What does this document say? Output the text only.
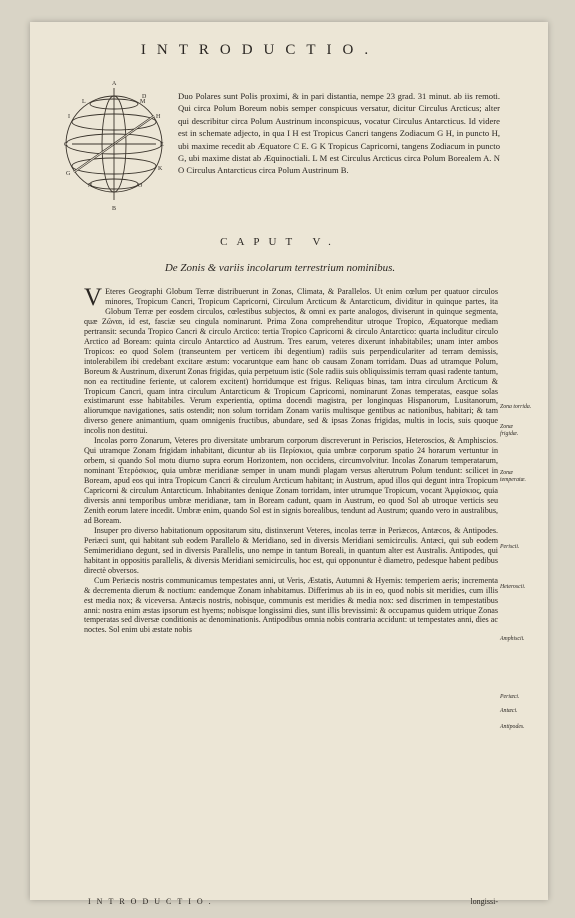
INTRODUCTIO.
I	H
E
A
D
L
C
G
M
N	O
K
B

Duo Polares sunt Polis proximi, & in pari distantia, nempe 23 grad. 31 minut. ab iis remoti. Qui circa Polum Boreum nobis semper conspicuus versatur, dicitur Circulus Arcticus; alter qui describitur circa Polum Austrinum inconspicuus, vocatur Circulus Antarcticus. Id videre est in schemate adjecto, in qua I H est Tropicus Cancri tangens Zodiacum G H, in puncto H, ubi maxime recedit ab Æquatore C E. G K Tropicus Capricorni, tangens Zodiacum in puncto G, ubi maxime distat ab Æquinoctiali. L M est Circulus Arcticus circa Polum Borealem A. N O Circulus Antarcticus circa Polum Austrinum B.

CAPUT V.
De Zonis & variis incolarum terrestrium nominibus.

V Eteres Geographi Globum Terræ distribuerunt in Zonas, Climata, & Parallelos. Ut enim cœlum per quatuor circulos minores, Tropicum Cancri, Tropicum Capricorni, Circulum Arcticum & Antarcticum, dividitur in quinque partes, ita Globum Terræ per eosdem circulos, cœlestibus subjectos, & omni ex parte analogos, diviserunt in quinque segmenta, quæ Ζῶναι, id est, fasciæ seu cingula nominarunt. Prima Zona comprehenditur utroque Tropico, Æquatorque mediam pertransit: secunda Tropico Cancri & circulo Arctico: tertia Tropico Capricorni & circulo Antarctico: quarta includitur circulo Arctico ad Boream: quinta circulo Antarctico ad Austrum. Tres earum, veteres dixerunt inhabitabiles; unam inter ambos Tropicos: eo quod Solem (transeuntem per verticem ibi degentium) radiis suis perpendiculariter ad terram demissis, intolerabilem ibi credebant excitare æstum: vocaruntque eam hanc ob causam Zonam torridam. Duas ad utramque Polum, Boreum & Austrinum, dixerunt Zonas frigidas, quia perpetuum istic (Sole radiis suis obliquissimis terram quasi radente tantum, non ea rectitudine feriente, ut calorem excitent) horridumque est frigus. Reliquas binas, tam intra circulum Arcticum & Tropicum Cancri, quam intra circulum Antarcticum & Tropicum Capricorni, nominarunt Zonas temperatas, easque solas existimarunt esse habitabiles. Verum experientia, optima docendi magistra, per longinquas Hispanorum, Lusitanorum, aliorumque navigationes, satis ostendit; non solum torridam Zonam variis multisque gentibus ac nationibus, habitari; & tam diverso genere animantium, quam omnigenis fructibus, abundare, sed & ipsas Zonas frigidas, multis in locis, suis quoque incolis non destitui.

Incolas porro Zonarum, Veteres pro diversitate umbrarum corporum discreverunt in Periscios, Heteroscios, & Amphiscios. Qui utramque Zonam frigidam inhabitant, dicuntur ab iis Περίσκιοι, quia umbræ corporum spatio 24 horarum vertuntur in orbem, si quando Sol motu diurno supra eorum Horizontem, non occidens, circumvolvitur. Incolas Zonarum temperatarum, nominant Ἑτερόσκιος, quia umbræ meridianæ semper in unam mundi plagam versus alterutrum Polum tendunt: scilicet in Boream, apud eos qui intra Tropicum Cancri & circulum Arcticum habitant; in Austrum, apud illos qui degunt intra Tropicum Capricorni & circulum Antarcticum. Inhabitantes denique Zonam torridam, inter utrumque Tropicum, vocant Ἀμφίσκιος, quia diversis anni temporibus umbræ meridianæ, tam in Boream cadunt, quam in Austrum, eo quod Sol ab utroque verticis seu Zenith eorum latere incedit. Umbræ enim, quando Sol est in signis borealibus, tendunt ad Austrum; quando vero in australibus, ad Boream.

Insuper pro diverso habitationum oppositarum situ, distinxerunt Veteres, incolas terræ in Periæcos, Antæcos, & Antipodes. Periæci sunt, qui habitant sub eodem Parallelo & Meridiano, sed in diversis Meridiani semicirculis. Antæci, qui sub eodem Semimeridiano degunt, sed in diversis Parallelis, uno nempe in tantum Boreali, in quantum alter est Australis. Antipodes, qui habitant in oppositis parallelis, & diversis Meridiani semicirculis, hoc est, qui opponuntur è diametro, pedesque habent pedibus directè obversos.

Cum Periæcis nostris communicamus tempestates anni, ut Veris, Æstatis, Autumni & Hyemis: temperiem aeris; incrementa & decrementa dierum & noctium: eandemque Zonam inhabitamus. Differimus ab iis in eo, quod nobis sit meridies, cum illis est media nox; & viceversa. Antæcis nostris, nobisque, communis est meridies & media nox: sed discrimen in tempestatibus anni: nostra enim æstas ipsorum est hyems; nobisque longissimi dies, sunt illis brevissimi: & occupamus quidem utrique Zonas temperatas sed diversæ conditionis ac denominationis. Antipodibus omnia nobis contraria accidunt: ut tempestates anni, dies ac noctes. Sol enim ubi æstate nobis

Zona torrida.
Zonæ frigidæ.
Zonæ temperatæ.
Periscii.
Heteroscii.
Amphiscii.
Periæci.
Antæci.
Antipodes.
INTRODUCTIO.	longissi-
